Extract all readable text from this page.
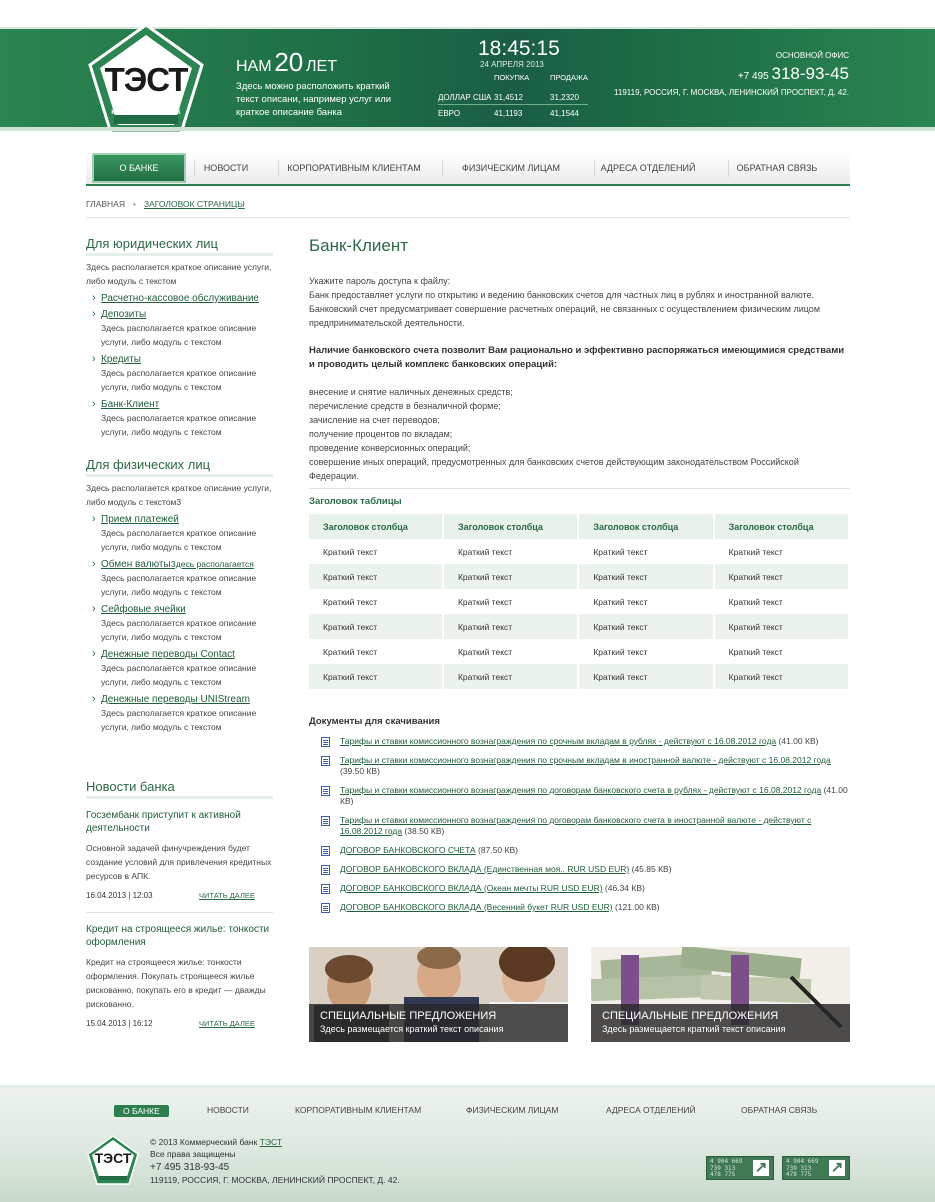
ТЭСТ
КОММЕРЧЕСКИЙ БАНК
НАМ 20 ЛЕТ
Здесь можно расположить краткий текст описани, например услуг или краткое описание банка
18:45:15
24 АПРЕЛЯ 2013
ПОКУПКА	ПРОДАЖА
ДОЛЛАР США 31,4512	31,2320
ЕВРО	41,1193	41,1544
ОСНОВНОЙ ОФИС
+7 495 318-93-45
119119, РОССИЯ, Г. МОСКВА, ЛЕНИНСКИЙ ПРОСПЕКТ, Д. 42.
О БАНКЕ	НОВОСТИ	КОРПОРАТИВНЫМ КЛИЕНТАМ	ФИЗИЧЕСКИМ ЛИЦАМ	АДРЕСА ОТДЕЛЕНИЙ	ОБРАТНАЯ СВЯЗЬ
ГЛАВНАЯ • ЗАГОЛОВОК СТРАНИЦЫ
Для юридических лиц
Здесь располагается краткое описание услуги, либо модуль с текстом
› Расчетно-кассовое обслуживание
› Депозиты
Здесь располагается краткое описание услуги, либо модуль с текстом
› Кредиты
Здесь располагается краткое описание услуги, либо модуль с текстом
› Банк-Клиент
Здесь располагается краткое описание услуги, либо модуль с текстом
Для физических лиц
Здесь располагается краткое описание услуги, либо модуль с текстом3
› Прием платежей
Здесь располагается краткое описание услуги, либо модуль с текстом
› Обмен валютыЗдесь располагается
Здесь располагается краткое описание услуги, либо модуль с текстом
› Сейфовые ячейки
Здесь располагается краткое описание услуги, либо модуль с текстом
› Денежные переводы Contact
Здесь располагается краткое описание услуги, либо модуль с текстом
› Денежные переводы UNIStream
Здесь располагается краткое описание услуги, либо модуль с текстом
Новости банка
Госзембанк приступит к активной деятельности
Основной задачей финучреждения будет создание условий для привлечения кредитных ресурсов в АПК.
16.04.2013 | 12:03	ЧИТАТЬ ДАЛЕЕ
Кредит на строящееся жилье: тонкости оформления
Кредит на строящееся жилье: тонкости оформления. Покупать строящееся жилье рискованно, покупать его в кредит — дважды рискованно.
15.04.2013 | 16:12	ЧИТАТЬ ДАЛЕЕ
Банк-Клиент
Укажите пароль доступа к файлу:
Банк предоставляет услуги по открытию и ведению банковских счетов для частных лиц в рублях и иностранной валюте. Банковский счет предусматривает совершение расчетных операций, не связанных с осуществлением физическим лицом предпринимательской деятельности.
Наличие банковского счета позволит Вам рационально и эффективно распоряжаться имеющимися средствами и проводить целый комплекс банковских операций:
внесение и снятие наличных денежных средств;
перечисление средств в безналичной форме;
зачисление на счет переводов;
получение процентов по вкладам;
проведение конверсионных операций;
совершение иных операций, предусмотренных для банковских счетов действующим законодательством Российской Федерации.
Заголовок таблицы
Заголовок столбца	Заголовок столбца	Заголовок столбца	Заголовок столбца
Краткий текст	Краткий текст	Краткий текст	Краткий текст
Краткий текст	Краткий текст	Краткий текст	Краткий текст
Краткий текст	Краткий текст	Краткий текст	Краткий текст
Краткий текст	Краткий текст	Краткий текст	Краткий текст
Краткий текст	Краткий текст	Краткий текст	Краткий текст
Краткий текст	Краткий текст	Краткий текст	Краткий текст
Документы для скачивания
Тарифы и ставки комиссионного вознаграждения по срочным вкладам в рублях - действуют с 16.08.2012 года (41.00 КВ)
Тарифы и ставки комиссионного вознаграждения по срочным вкладам в иностранной валюте - действуют с 16.08.2012 года (39.50 КВ)
Тарифы и ставки комиссионного вознаграждения по договорам банковского счета в рублях - действуют с 16.08.2012 года (41.00 КВ)
Тарифы и ставки комиссионного вознаграждения по договорам банковского счета в иностранной валюте - действуют с 16.08.2012 года (38.50 КВ)
ДОГОВОР БАНКОВСКОГО СЧЕТА (87.50 КВ)
ДОГОВОР БАНКОВСКОГО ВКЛАДА (Единственная моя.. RUR USD EUR) (45.85 КВ)
ДОГОВОР БАНКОВСКОГО ВКЛАДА (Океан мечты RUR USD EUR) (46.34 КВ)
ДОГОВОР БАНКОВСКОГО ВКЛАДА (Весенний букет RUR USD EUR) (121.00 КВ)
СПЕЦИАЛЬНЫЕ ПРЕДЛОЖЕНИЯ
Здесь размещается краткий текст описания
СПЕЦИАЛЬНЫЕ ПРЕДЛОЖЕНИЯ
Здесь размещается краткий текст описания
О БАНКЕ	НОВОСТИ	КОРПОРАТИВНЫМ КЛИЕНТАМ	ФИЗИЧЕСКИМ ЛИЦАМ	АДРЕСА ОТДЕЛЕНИЙ	ОБРАТНАЯ СВЯЗЬ
ТЭСТ
© 2013 Коммерческий банк ТЭСТ
Все права защищены
+7 495 318-93-45
119119, РОССИЯ, Г. МОСКВА, ЛЕНИНСКИЙ ПРОСПЕКТ, Д. 42.
4 904 669
739 313
478 775
↗
4 904 669
739 313
478 775
↗
